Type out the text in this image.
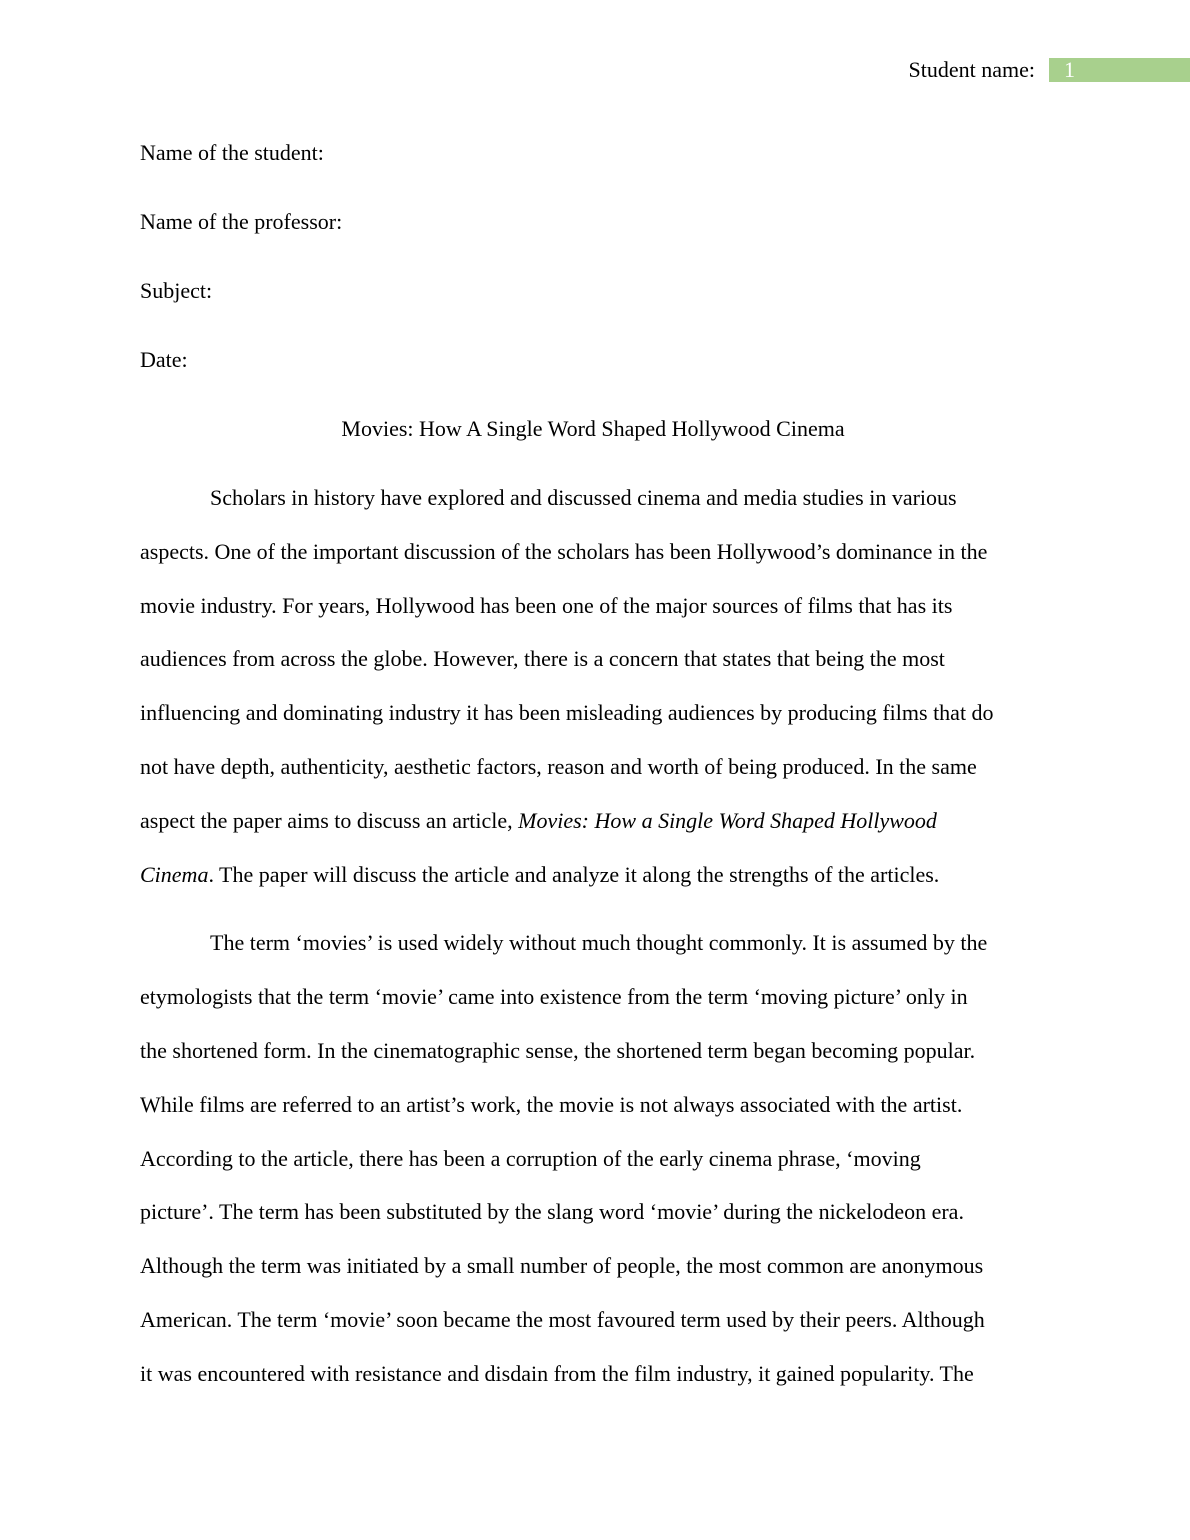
Student name:	1

Name of the student:

Name of the professor:

Subject:

Date:

Movies: How A Single Word Shaped Hollywood Cinema

Scholars in history have explored and discussed cinema and media studies in various
aspects. One of the important discussion of the scholars has been Hollywood’s dominance in the
movie industry. For years, Hollywood has been one of the major sources of films that has its
audiences from across the globe. However, there is a concern that states that being the most
influencing and dominating industry it has been misleading audiences by producing films that do
not have depth, authenticity, aesthetic factors, reason and worth of being produced. In the same
aspect the paper aims to discuss an article, Movies: How a Single Word Shaped Hollywood
Cinema. The paper will discuss the article and analyze it along the strengths of the articles.

The term ‘movies’ is used widely without much thought commonly. It is assumed by the
etymologists that the term ‘movie’ came into existence from the term ‘moving picture’ only in
the shortened form. In the cinematographic sense, the shortened term began becoming popular.
While films are referred to an artist’s work, the movie is not always associated with the artist.
According to the article, there has been a corruption of the early cinema phrase, ‘moving
picture’. The term has been substituted by the slang word ‘movie’ during the nickelodeon era.
Although the term was initiated by a small number of people, the most common are anonymous
American. The term ‘movie’ soon became the most favoured term used by their peers. Although
it was encountered with resistance and disdain from the film industry, it gained popularity. The
